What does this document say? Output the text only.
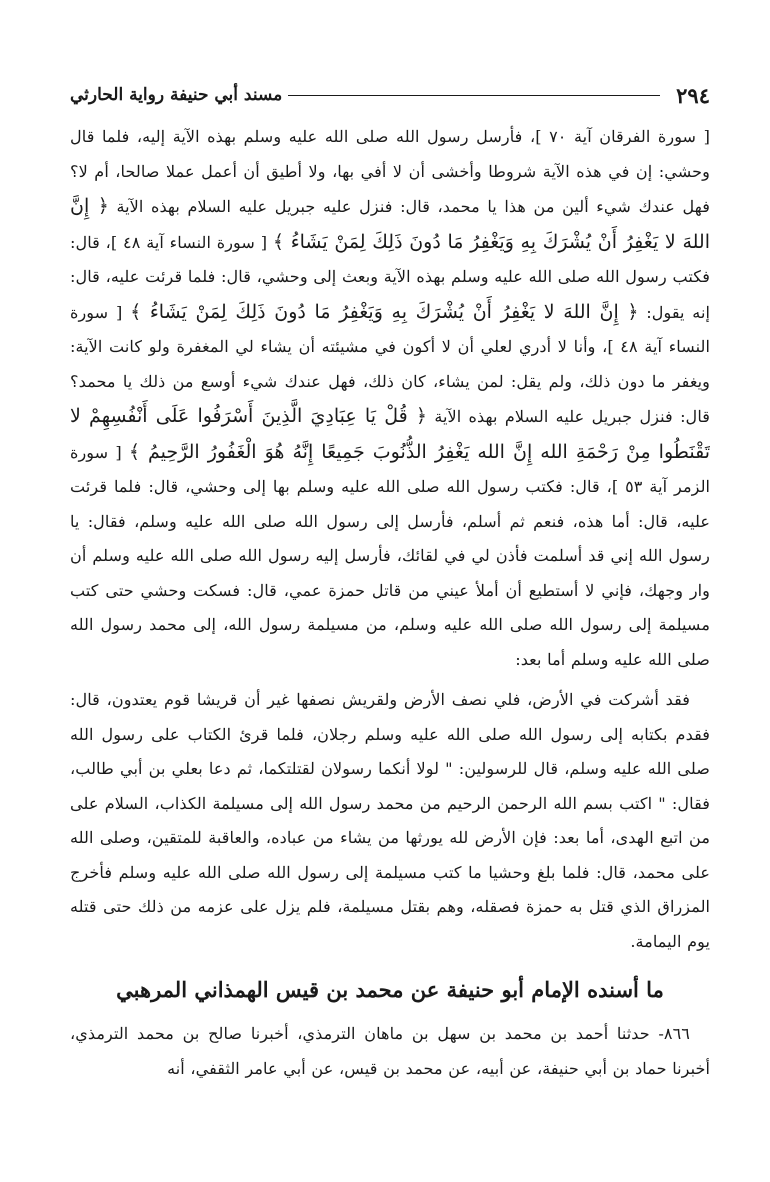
٢٩٤
مسند أبي حنيفة رواية الحارثي

[ سورة الفرقان آية ٧٠ ]، فأرسل رسول الله صلى الله عليه وسلم بهذه الآية إليه، فلما قال وحشي: إن في هذه الآية شروطا وأخشى أن لا أفي بها، ولا أطيق أن أعمل عملا صالحا، أم لا؟ فهل عندك شيء ألين من هذا يا محمد، قال: فنزل عليه جبريل عليه السلام بهذه الآية ﴿ إِنَّ اللهَ لا يَغْفِرُ أَنْ يُشْرَكَ بِهِ وَيَغْفِرُ مَا دُونَ ذَلِكَ لِمَنْ يَشَاءُ ﴾ [ سورة النساء آية ٤٨ ]، قال: فكتب رسول الله صلى الله عليه وسلم بهذه الآية وبعث إلى وحشي، قال: فلما قرئت عليه، قال: إنه يقول: ﴿ إِنَّ اللهَ لا يَغْفِرُ أَنْ يُشْرَكَ بِهِ وَيَغْفِرُ مَا دُونَ ذَلِكَ لِمَنْ يَشَاءُ ﴾ [ سورة النساء آية ٤٨ ]، وأنا لا أدري لعلي أن لا أكون في مشيئته أن يشاء لي المغفرة ولو كانت الآية: ويغفر ما دون ذلك، ولم يقل: لمن يشاء، كان ذلك، فهل عندك شيء أوسع من ذلك يا محمد؟ قال: فنزل جبريل عليه السلام بهذه الآية ﴿ قُلْ يَا عِبَادِيَ الَّذِينَ أَسْرَفُوا عَلَى أَنْفُسِهِمْ لا تَقْنَطُوا مِنْ رَحْمَةِ الله إِنَّ الله يَغْفِرُ الذُّنُوبَ جَمِيعًا إِنَّهُ هُوَ الْغَفُورُ الرَّحِيمُ ﴾ [ سورة الزمر آية ٥٣ ]، قال: فكتب رسول الله صلى الله عليه وسلم بها إلى وحشي، قال: فلما قرئت عليه، قال: أما هذه، فنعم ثم أسلم، فأرسل إلى رسول الله صلى الله عليه وسلم، فقال: يا رسول الله إني قد أسلمت فأذن لي في لقائك، فأرسل إليه رسول الله صلى الله عليه وسلم أن وار وجهك، فإني لا أستطيع أن أملأ عيني من قاتل حمزة عمي، قال: فسكت وحشي حتى كتب مسيلمة إلى رسول الله صلى الله عليه وسلم، من مسيلمة رسول الله، إلى محمد رسول الله صلى الله عليه وسلم أما بعد:

فقد أشركت في الأرض، فلي نصف الأرض ولقريش نصفها غير أن قريشا قوم يعتدون، قال: فقدم بكتابه إلى رسول الله صلى الله عليه وسلم رجلان، فلما قرئ الكتاب على رسول الله صلى الله عليه وسلم، قال للرسولين: " لولا أنكما رسولان لقتلتكما، ثم دعا بعلي بن أبي طالب، فقال: " اكتب بسم الله الرحمن الرحيم من محمد رسول الله إلى مسيلمة الكذاب، السلام على من اتبع الهدى، أما بعد: فإن الأرض لله يورثها من يشاء من عباده، والعاقبة للمتقين، وصلى الله على محمد، قال: فلما بلغ وحشيا ما كتب مسيلمة إلى رسول الله صلى الله عليه وسلم فأخرج المزراق الذي قتل به حمزة فصقله، وهم بقتل مسيلمة، فلم يزل على عزمه من ذلك حتى قتله يوم اليمامة.

ما أسنده الإمام أبو حنيفة عن محمد بن قيس الهمذاني المرهبي

٨٦٦- حدثنا أحمد بن محمد بن سهل بن ماهان الترمذي، أخبرنا صالح بن محمد الترمذي، أخبرنا حماد بن أبي حنيفة، عن أبيه، عن محمد بن قيس، عن أبي عامر الثقفي، أنه
